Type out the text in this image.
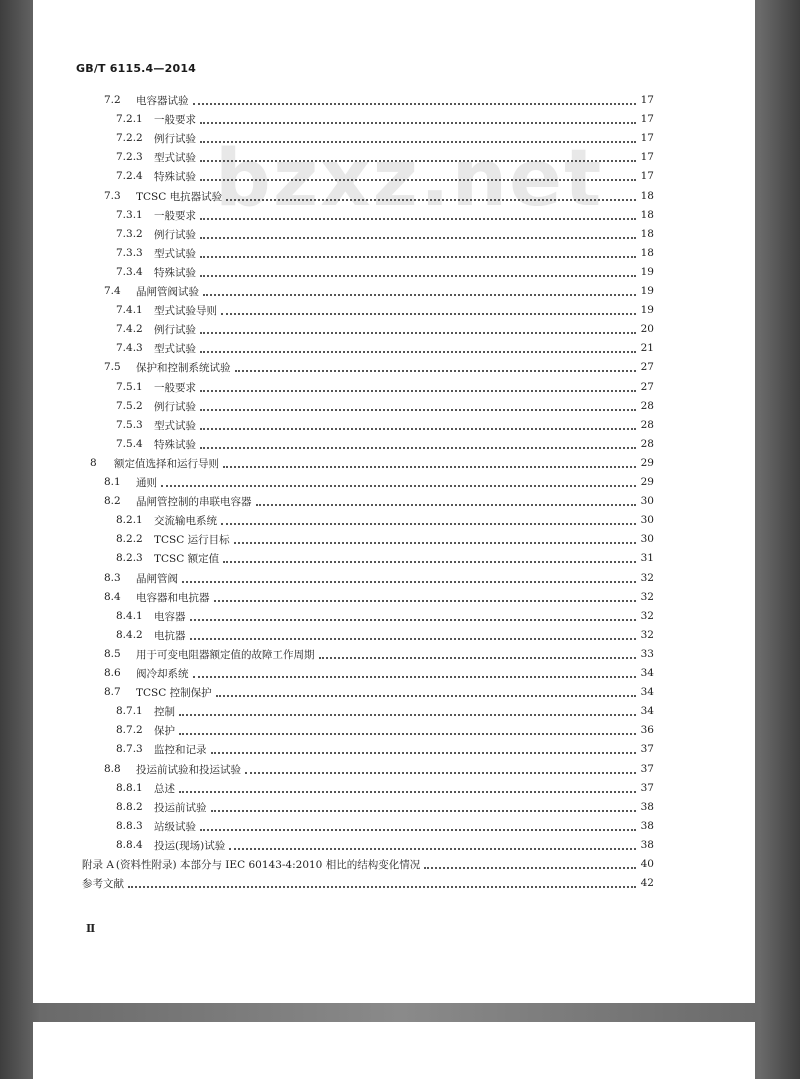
GB/T 6115.4—2014
bzxz.net
7.2	电容器试验	17
7.2.1 一般要求	17
7.2.2 例行试验	17
7.2.3 型式试验	17
7.2.4 特殊试验	17
7.3	TCSC 电抗器试验	18
7.3.1 一般要求	18
7.3.2 例行试验	18
7.3.3 型式试验	18
7.3.4 特殊试验	19
7.4	晶闸管阀试验	19
7.4.1 型式试验导则	19
7.4.2 例行试验	20
7.4.3 型式试验	21
7.5	保护和控制系统试验	27
7.5.1 一般要求	27
7.5.2 例行试验	28
7.5.3 型式试验	28
7.5.4 特殊试验	28
8	额定值选择和运行导则	29
8.1	通则	29
8.2	晶闸管控制的串联电容器	30
8.2.1 交流输电系统	30
8.2.2 TCSC 运行目标	30
8.2.3 TCSC 额定值	31
8.3	晶闸管阀	32
8.4	电容器和电抗器	32
8.4.1 电容器	32
8.4.2 电抗器	32
8.5	用于可变电阻器额定值的故障工作周期	33
8.6	阀冷却系统	34
8.7	TCSC 控制保护	34
8.7.1 控制	34
8.7.2 保护	36
8.7.3 监控和记录	37
8.8	投运前试验和投运试验	37
8.8.1 总述	37
8.8.2 投运前试验	38
8.8.3 站级试验	38
8.8.4 投运(现场)试验	38
附录 A (资料性附录) 本部分与 IEC 60143-4:2010 相比的结构变化情况	40
参考文献	42
Ⅱ
